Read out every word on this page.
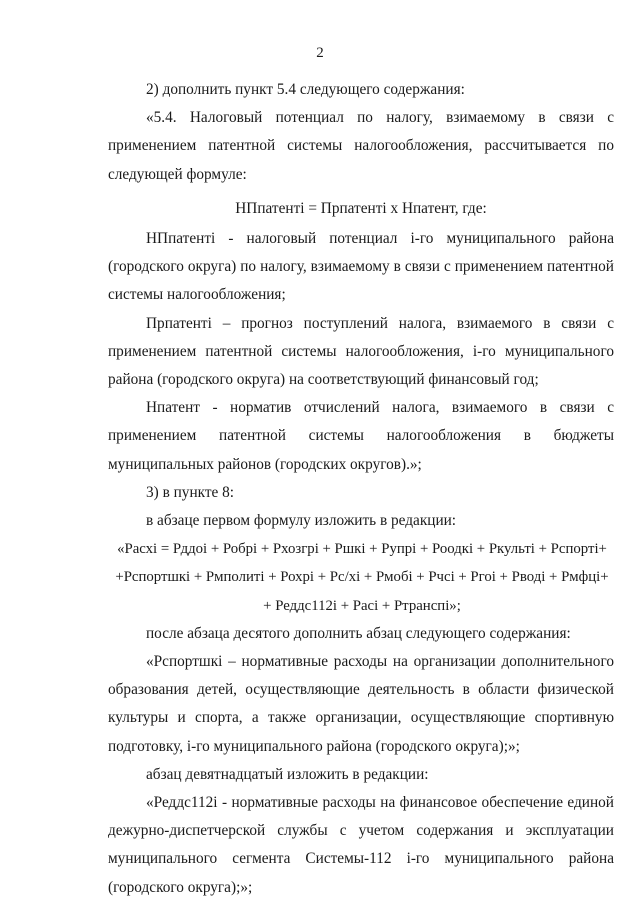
2

2) дополнить пункт 5.4 следующего содержания:

«5.4. Налоговый потенциал по налогу, взимаемому в связи с применением патентной системы налогообложения, рассчитывается по следующей формуле:

НПпатентi = Прпатентi х Нпатент, где:

НПпатентi - налоговый потенциал i-го муниципального района (городского округа) по налогу, взимаемому в связи с применением патентной системы налогообложения;

Прпатентi – прогноз поступлений налога, взимаемого в связи с применением патентной системы налогообложения, i-го муниципального района (городского округа) на соответствующий финансовый год;

Нпатент - норматив отчислений налога, взимаемого в связи с применением патентной системы налогообложения в бюджеты муниципальных районов (городских округов).»;

3) в пункте 8:

в абзаце первом формулу изложить в редакции:

«Расхi = Рддоi + Робрi + Рхозгрi + Ршкi + Рупрi + Роодкi + Ркультi + Рспортi+

+Рспортшкi + Рмполитi + Рохрi + Рс/хi + Рмобi + Рчсi + Ргоi + Рводi + Рмфцi+

+ Реддс112i + Расi + Ртранспi»;

после абзаца десятого дополнить абзац следующего содержания:

«Рспортшкi – нормативные расходы на организации дополнительного образования детей, осуществляющие деятельность в области физической культуры и спорта, а также организации, осуществляющие спортивную подготовку, i-го муниципального района (городского округа);»;

абзац девятнадцатый изложить в редакции:

«Реддс112i - нормативные расходы на финансовое обеспечение единой дежурно-диспетчерской службы с учетом содержания и эксплуатации муниципального сегмента Системы-112 i-го муниципального района (городского округа);»;
